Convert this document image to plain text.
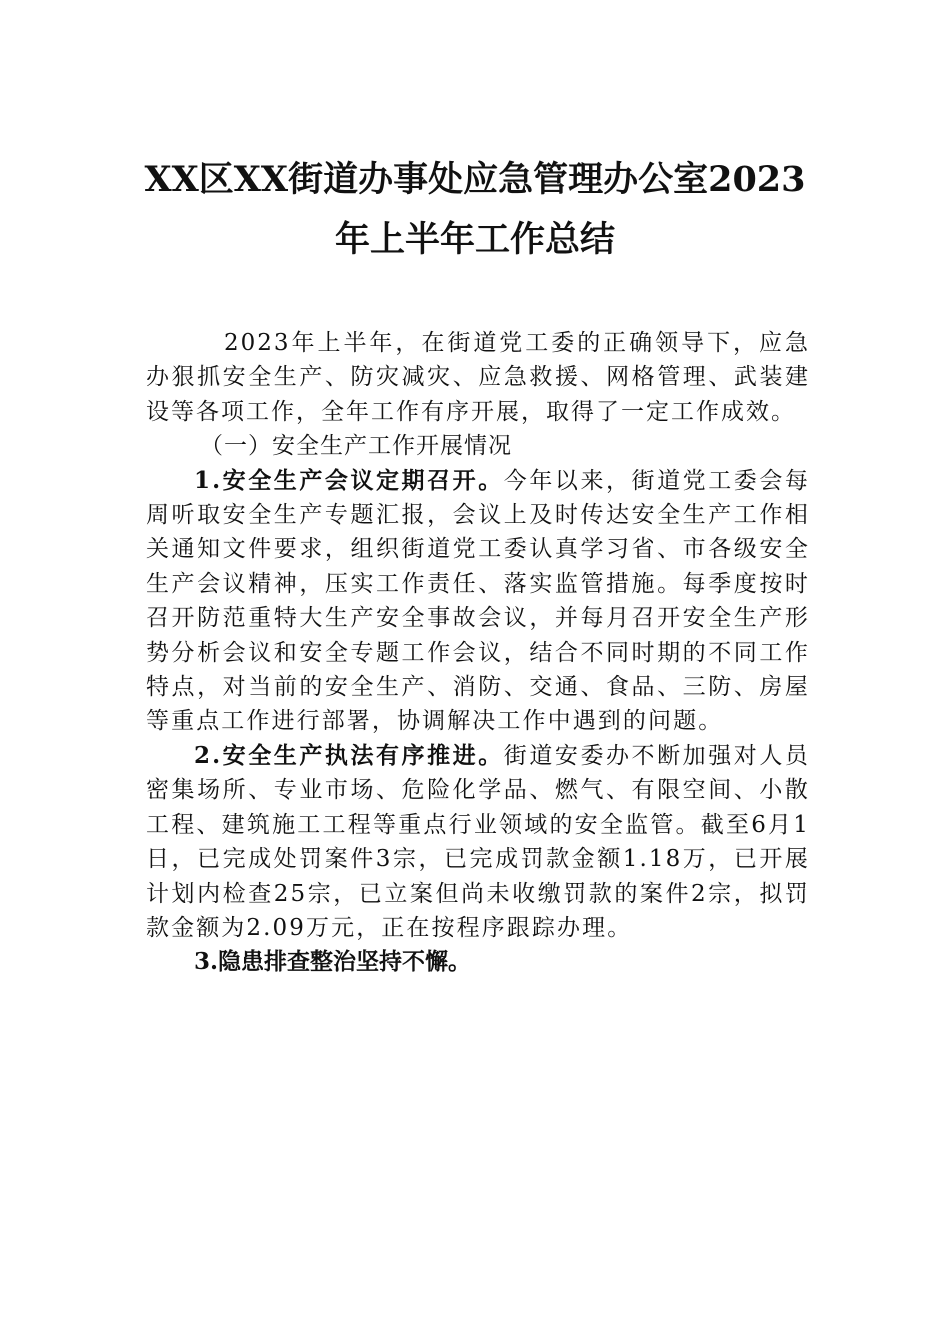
XX区XX街道办事处应急管理办公室2023
年上半年工作总结

2023年上半年，在街道党工委的正确领导下，应急办狠抓安全生产、防灾减灾、应急救援、网格管理、武装建设等各项工作，全年工作有序开展，取得了一定工作成效。

（一）安全生产工作开展情况

1.安全生产会议定期召开。今年以来，街道党工委会每周听取安全生产专题汇报，会议上及时传达安全生产工作相关通知文件要求，组织街道党工委认真学习省、市各级安全生产会议精神，压实工作责任、落实监管措施。每季度按时召开防范重特大生产安全事故会议，并每月召开安全生产形势分析会议和安全专题工作会议，结合不同时期的不同工作特点，对当前的安全生产、消防、交通、食品、三防、房屋等重点工作进行部署，协调解决工作中遇到的问题。

2.安全生产执法有序推进。街道安委办不断加强对人员密集场所、专业市场、危险化学品、燃气、有限空间、小散工程、建筑施工工程等重点行业领域的安全监管。截至6月1日，已完成处罚案件3宗，已完成罚款金额1.18万，已开展计划内检查25宗，已立案但尚未收缴罚款的案件2宗，拟罚款金额为2.09万元，正在按程序跟踪办理。

3.隐患排查整治坚持不懈。
